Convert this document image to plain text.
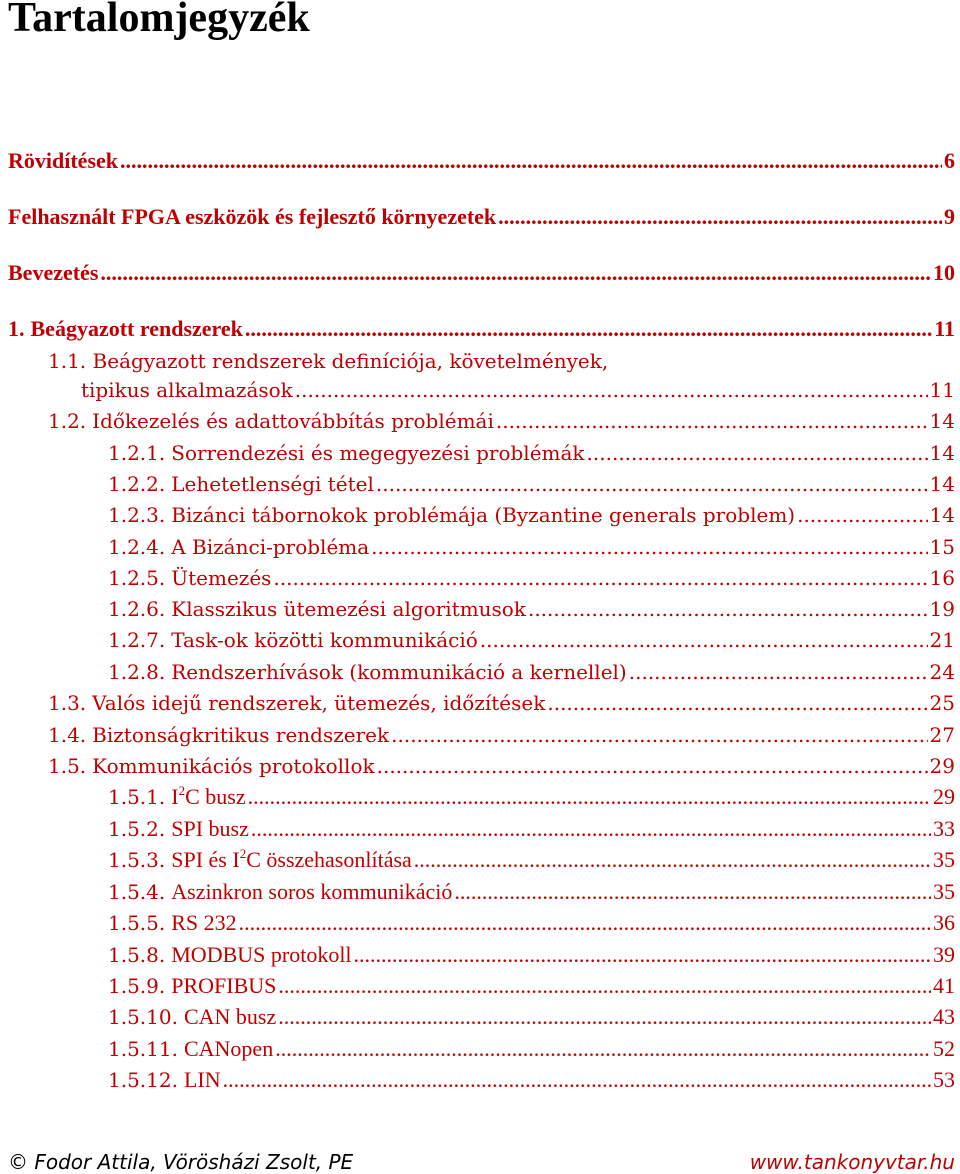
Tartalomjegyzék
Rövidítések .....	6
Felhasznált FPGA eszközök és fejlesztő környezetek .....	9
Bevezetés .....	10
1. Beágyazott rendszerek .....	11
1.1. Beágyazott rendszerek definíciója, követelmények,
tipikus alkalmazások .....	11
1.2. Időkezelés és adattovábbítás problémái .....	14
1.2.1. Sorrendezési és megegyezési problémák .....	14
1.2.2. Lehetetlenségi tétel .....	14
1.2.3. Bizánci tábornokok problémája (Byzantine generals problem) .....	14
1.2.4. A Bizánci-probléma .....	15
1.2.5. Ütemezés .....	16
1.2.6. Klasszikus ütemezési algoritmusok .....	19
1.2.7. Task-ok közötti kommunikáció .....	21
1.2.8. Rendszerhívások (kommunikáció a kernellel) .....	24
1.3. Valós idejű rendszerek, ütemezés, időzítések .....	25
1.4. Biztonságkritikus rendszerek .....	27
1.5. Kommunikációs protokollok .....	29
1.5.1. $I^2C$ busz .....	29
1.5.2. SPI busz .....	33
1.5.3. SPI és $I^2C$ összehasonlítása .....	35
1.5.4. Aszinkron soros kommunikáció .....	35
1.5.5. RS 232 .....	36
1.5.8. MODBUS protokoll .....	39
1.5.9. PROFIBUS .....	41
1.5.10. CAN busz .....	43
1.5.11. CANopen .....	52
1.5.12. LIN .....	53
© Fodor Attila, Vörösházi Zsolt, PE	www.tankonyvtar.hu
